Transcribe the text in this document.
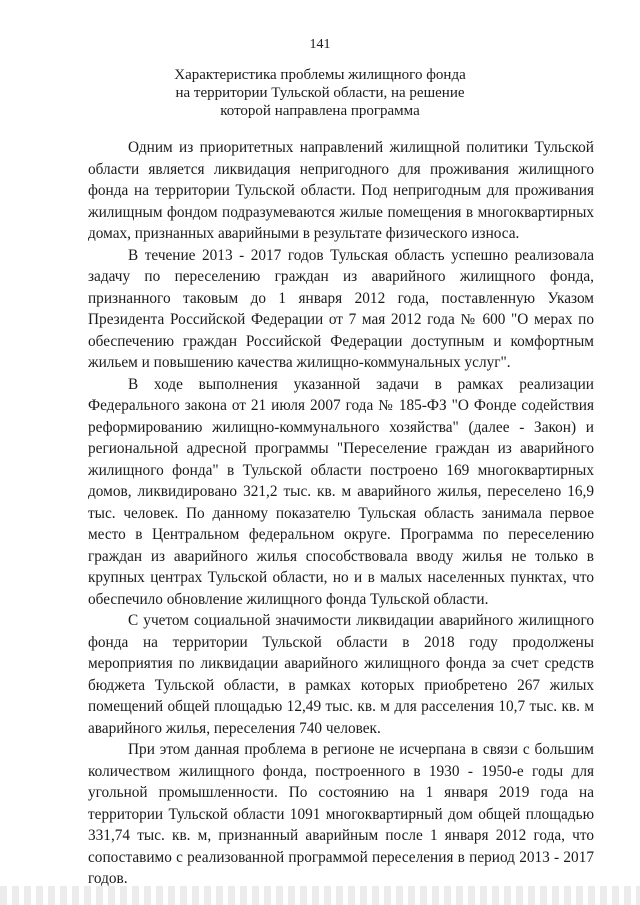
141
Характеристика проблемы жилищного фонда
на территории Тульской области, на решение
которой направлена программа

Одним из приоритетных направлений жилищной политики Тульской области является ликвидация непригодного для проживания жилищного фонда на территории Тульской области. Под непригодным для проживания жилищным фондом подразумеваются жилые помещения в многоквартирных домах, признанных аварийными в результате физического износа.

В течение 2013 - 2017 годов Тульская область успешно реализовала задачу по переселению граждан из аварийного жилищного фонда, признанного таковым до 1 января 2012 года, поставленную Указом Президента Российской Федерации от 7 мая 2012 года № 600 "О мерах по обеспечению граждан Российской Федерации доступным и комфортным жильем и повышению качества жилищно-коммунальных услуг".

В ходе выполнения указанной задачи в рамках реализации Федерального закона от 21 июля 2007 года № 185-ФЗ "О Фонде содействия реформированию жилищно-коммунального хозяйства" (далее - Закон) и региональной адресной программы "Переселение граждан из аварийного жилищного фонда" в Тульской области построено 169 многоквартирных домов, ликвидировано 321,2 тыс. кв. м аварийного жилья, переселено 16,9 тыс. человек. По данному показателю Тульская область занимала первое место в Центральном федеральном округе. Программа по переселению граждан из аварийного жилья способствовала вводу жилья не только в крупных центрах Тульской области, но и в малых населенных пунктах, что обеспечило обновление жилищного фонда Тульской области.

С учетом социальной значимости ликвидации аварийного жилищного фонда на территории Тульской области в 2018 году продолжены мероприятия по ликвидации аварийного жилищного фонда за счет средств бюджета Тульской области, в рамках которых приобретено 267 жилых помещений общей площадью 12,49 тыс. кв. м для расселения 10,7 тыс. кв. м аварийного жилья, переселения 740 человек.

При этом данная проблема в регионе не исчерпана в связи с большим количеством жилищного фонда, построенного в 1930 - 1950-е годы для угольной промышленности. По состоянию на 1 января 2019 года на территории Тульской области 1091 многоквартирный дом общей площадью 331,74 тыс. кв. м, признанный аварийным после 1 января 2012 года, что сопоставимо с реализованной программой переселения в период 2013 - 2017 годов.
